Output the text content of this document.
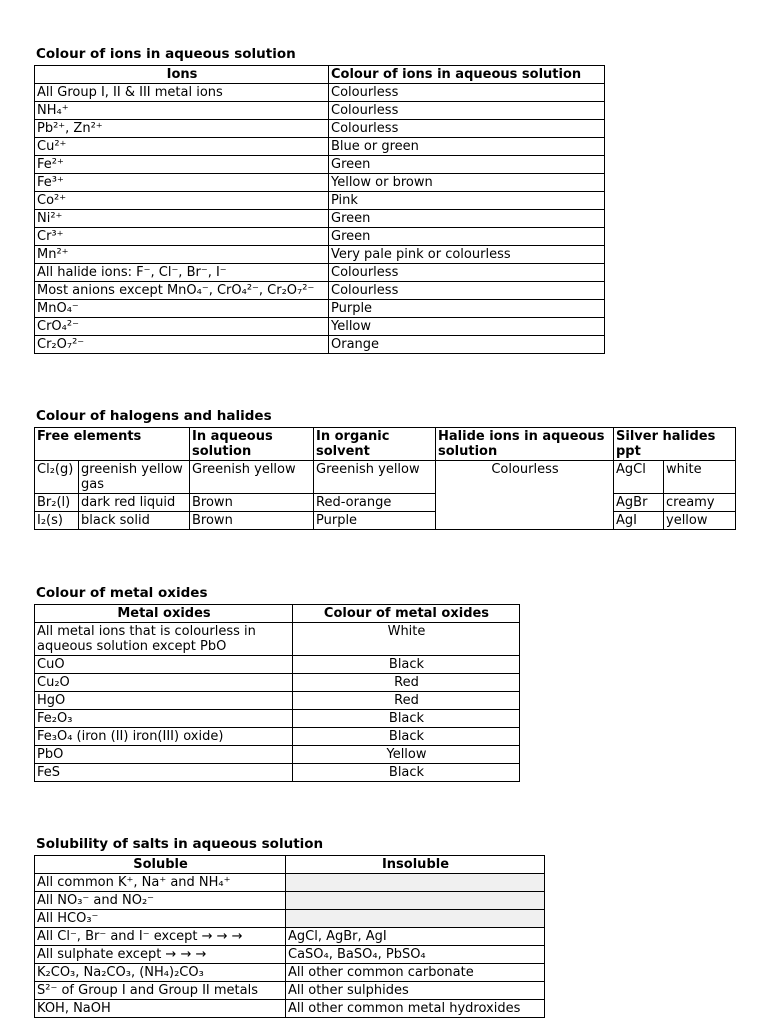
Colour of ions in aqueous solution
Ions	Colour of ions in aqueous solution
All Group I, II & III metal ions	Colourless
NH₄⁺	Colourless
Pb²⁺, Zn²⁺	Colourless
Cu²⁺	Blue or green
Fe²⁺	Green
Fe³⁺	Yellow or brown
Co²⁺	Pink
Ni²⁺	Green
Cr³⁺	Green
Mn²⁺	Very pale pink or colourless
All halide ions: F⁻, Cl⁻, Br⁻, I⁻	Colourless
Most anions except MnO₄⁻, CrO₄²⁻, Cr₂O₇²⁻	Colourless
MnO₄⁻	Purple
CrO₄²⁻	Yellow
Cr₂O₇²⁻	Orange
Colour of halogens and halides
Free elements		In aqueous solution	In organic solvent	Halide ions in aqueous solution	Silver halides ppt	
Cl₂(g)	greenish yellow gas	Greenish yellow	Greenish yellow	Colourless	AgCl	white
Br₂(l)	dark red liquid	Brown	Red-orange		AgBr	creamy
I₂(s)	black solid	Brown	Purple		AgI	yellow
Colour of metal oxides
Metal oxides	Colour of metal oxides
All metal ions that is colourless in aqueous solution except PbO	White
CuO	Black
Cu₂O	Red
HgO	Red
Fe₂O₃	Black
Fe₃O₄ (iron (II) iron(III) oxide)	Black
PbO	Yellow
FeS	Black
Solubility of salts in aqueous solution
Soluble	Insoluble
All common K⁺, Na⁺ and NH₄⁺	
All NO₃⁻ and NO₂⁻	
All HCO₃⁻	
All Cl⁻, Br⁻ and I⁻ except → → →	AgCl, AgBr, AgI
All sulphate except → → →	CaSO₄, BaSO₄, PbSO₄
K₂CO₃, Na₂CO₃, (NH₄)₂CO₃	All other common carbonate
S²⁻ of Group I and Group II metals	All other sulphides
KOH, NaOH	All other common metal hydroxides
